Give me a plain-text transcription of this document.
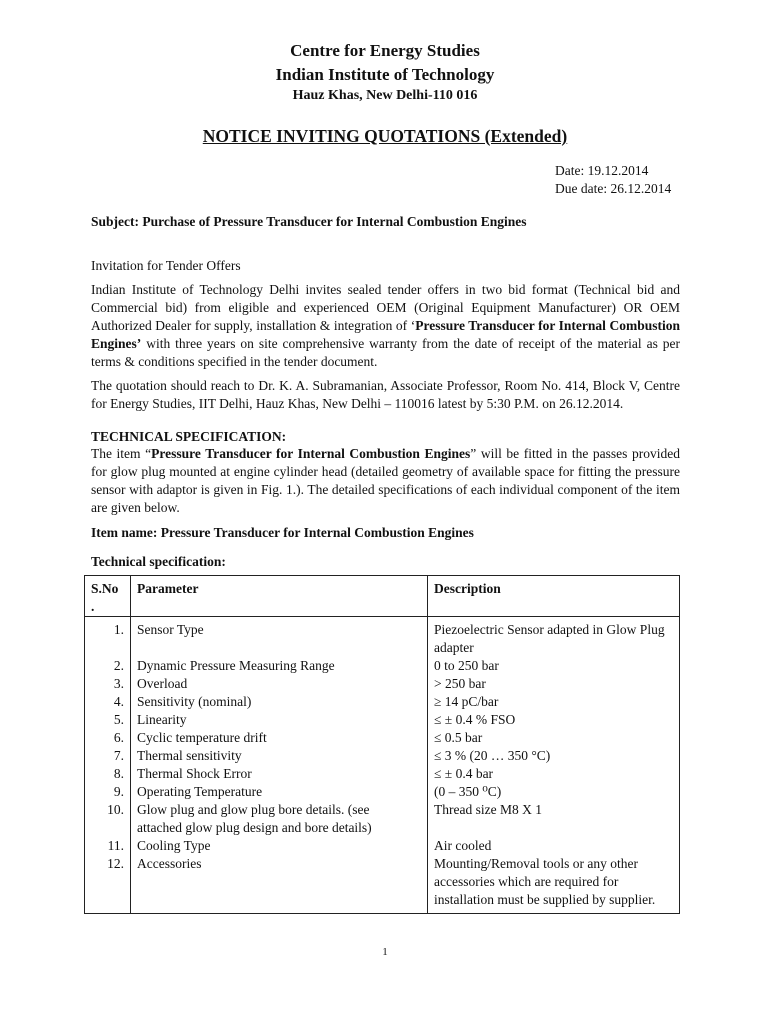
Centre for Energy Studies
Indian Institute of Technology
Hauz Khas, New Delhi-110 016
NOTICE INVITING QUOTATIONS (Extended)
Date: 19.12.2014
Due date: 26.12.2014
Subject: Purchase of Pressure Transducer for Internal Combustion Engines
Invitation for Tender Offers
Indian Institute of Technology Delhi invites sealed tender offers in two bid format (Technical bid and Commercial bid) from eligible and experienced OEM (Original Equipment Manufacturer) OR OEM Authorized Dealer for supply, installation & integration of ‘Pressure Transducer for Internal Combustion Engines’ with three years on site comprehensive warranty from the date of receipt of the material as per terms & conditions specified in the tender document.
The quotation should reach to Dr. K. A. Subramanian, Associate Professor, Room No. 414, Block V, Centre for Energy Studies, IIT Delhi, Hauz Khas, New Delhi – 110016 latest by 5:30 P.M. on 26.12.2014.
TECHNICAL SPECIFICATION:
The item “Pressure Transducer for Internal Combustion Engines” will be fitted in the passes provided for glow plug mounted at engine cylinder head (detailed geometry of available space for fitting the pressure sensor with adaptor is given in Fig. 1.). The detailed specifications of each individual component of the item are given below.
Item name: Pressure Transducer for Internal Combustion Engines
Technical specification:
S.No .	Parameter	Description
1.	Sensor Type	Piezoelectric Sensor adapted in Glow Plug adapter
2.	Dynamic Pressure Measuring Range	0 to 250 bar
3.	Overload	> 250 bar
4.	Sensitivity (nominal)	≥ 14 pC/bar
5.	Linearity	≤ ± 0.4 % FSO
6.	Cyclic temperature drift	≤ 0.5 bar
7.	Thermal sensitivity	≤ 3 % (20 … 350 °C)
8.	Thermal Shock Error	≤ ± 0.4 bar
9.	Operating Temperature	(0 – 350 ⁰C)
10.	Glow plug and glow plug bore details. (see attached glow plug design and bore details)	Thread size M8 X 1
11.	Cooling Type	Air cooled
12.	Accessories	Mounting/Removal tools or any other accessories which are required for installation must be supplied by supplier.
1
